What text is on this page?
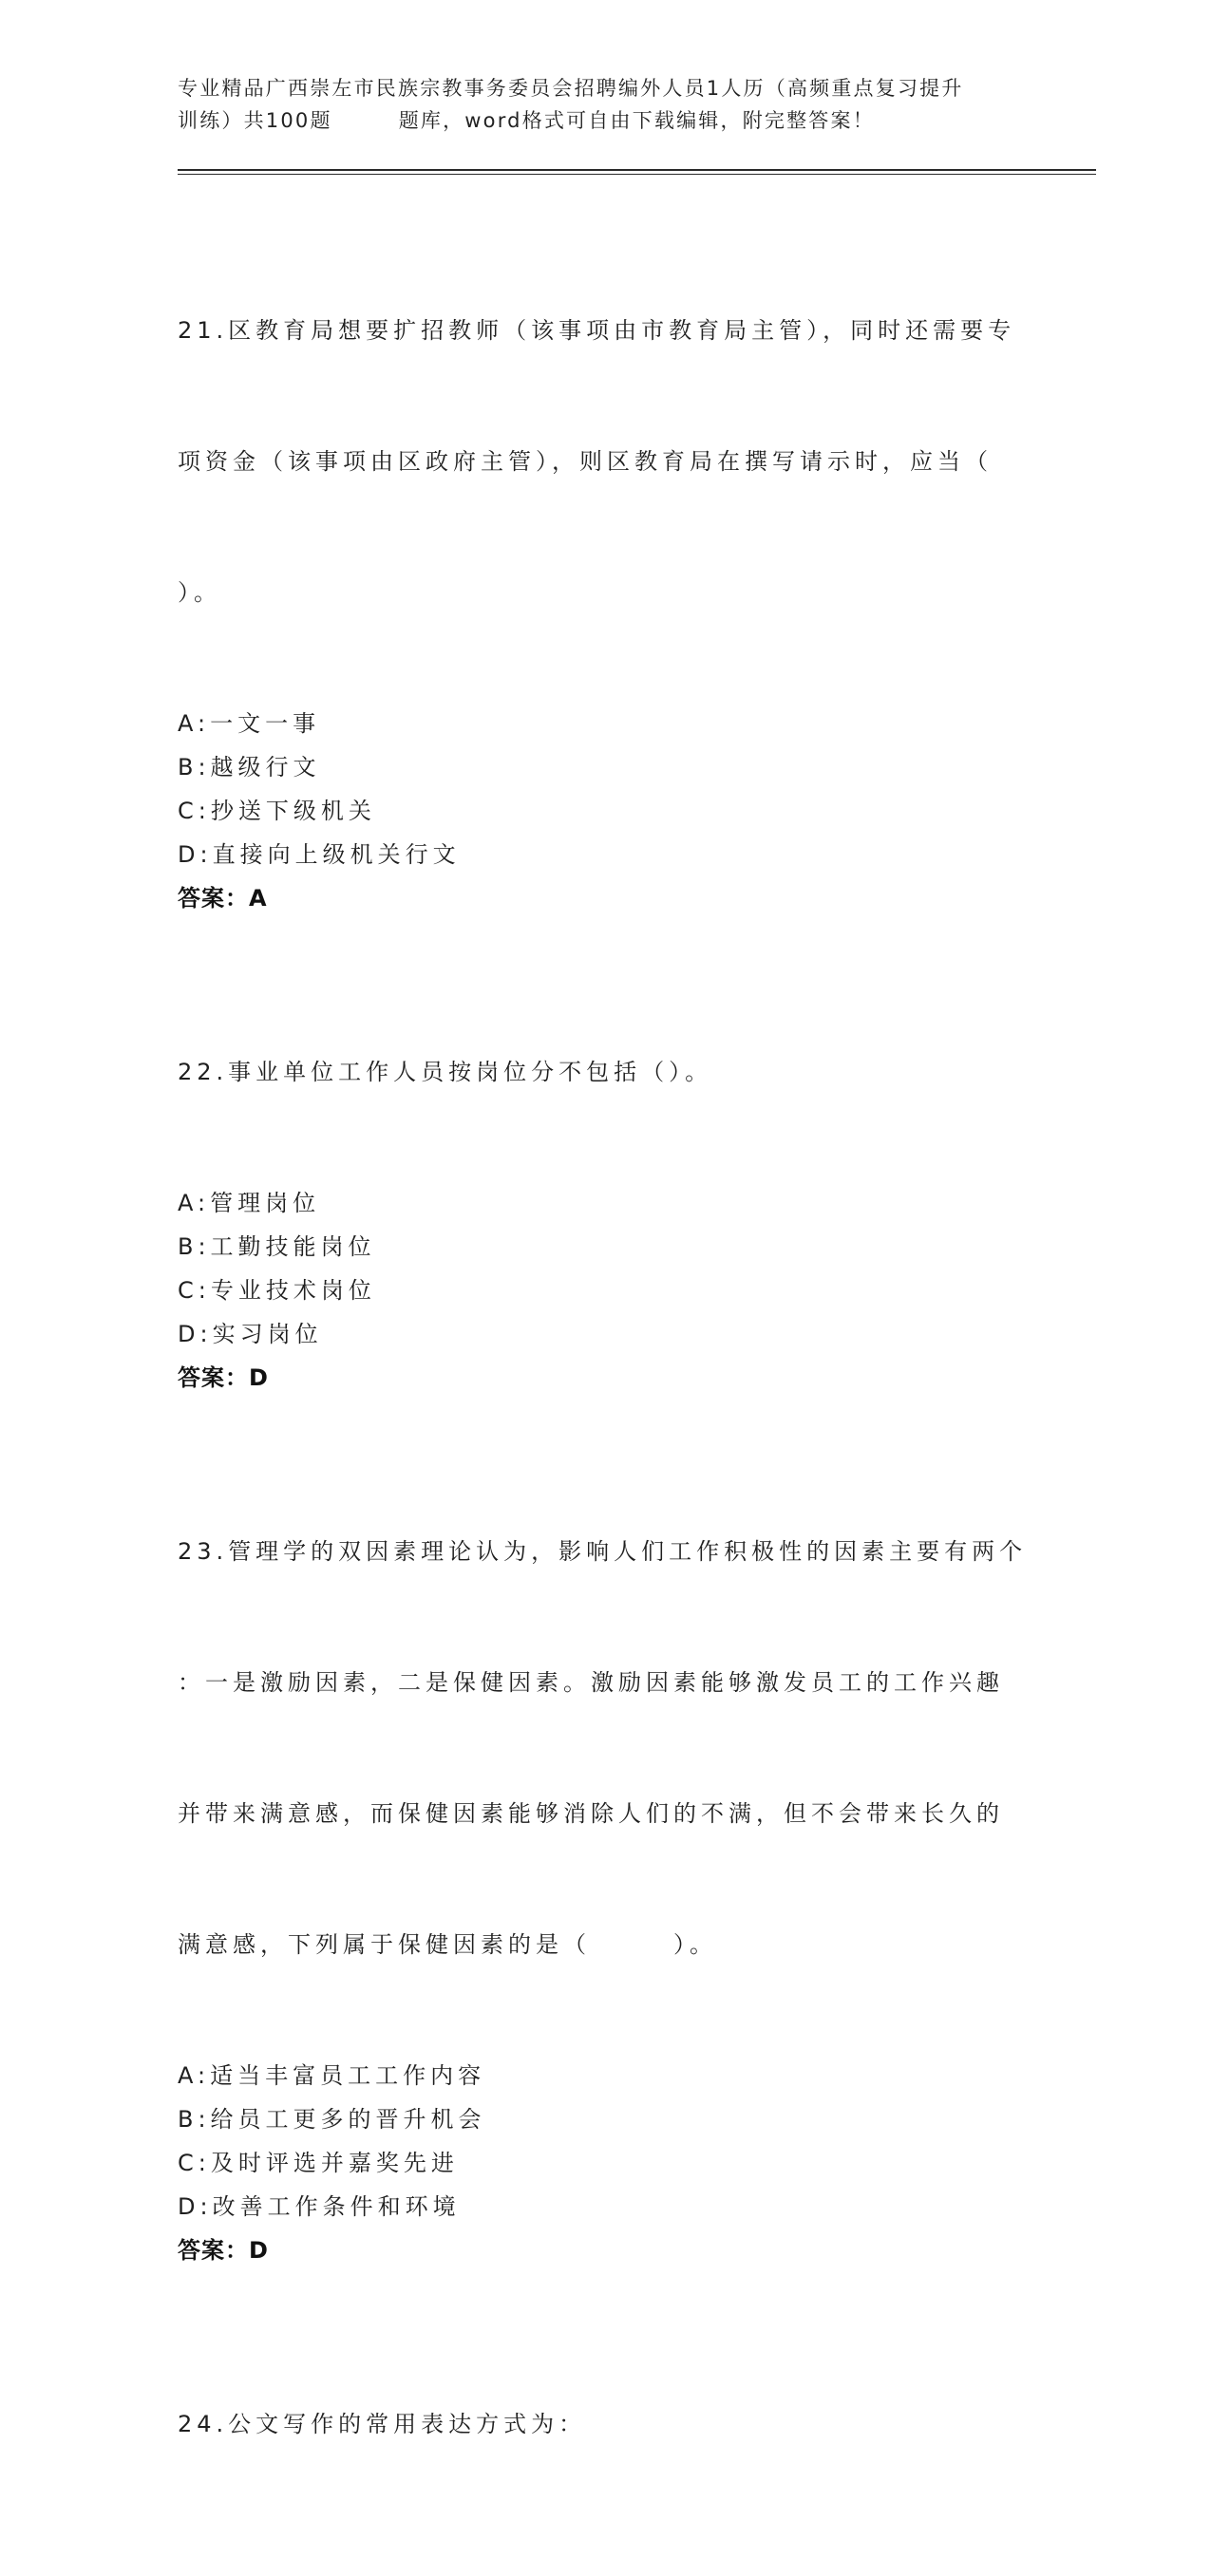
专业精品广西崇左市民族宗教事务委员会招聘编外人员1人历（高频重点复习提升
训练）共100题	题库，word格式可自由下载编辑，附完整答案！

21.区教育局想要扩招教师（该事项由市教育局主管），同时还需要专

项资金（该事项由区政府主管），则区教育局在撰写请示时，应当（

）。

A:一文一事
B:越级行文
C:抄送下级机关
D:直接向上级机关行文
答案：A

22.事业单位工作人员按岗位分不包括（）。

A:管理岗位
B:工勤技能岗位
C:专业技术岗位
D:实习岗位
答案：D

23.管理学的双因素理论认为，影响人们工作积极性的因素主要有两个

：一是激励因素，二是保健因素。激励因素能够激发员工的工作兴趣

并带来满意感，而保健因素能够消除人们的不满，但不会带来长久的

满意感，下列属于保健因素的是（　　　）。

A:适当丰富员工工作内容
B:给员工更多的晋升机会
C:及时评选并嘉奖先进
D:改善工作条件和环境
答案：D

24.公文写作的常用表达方式为：
